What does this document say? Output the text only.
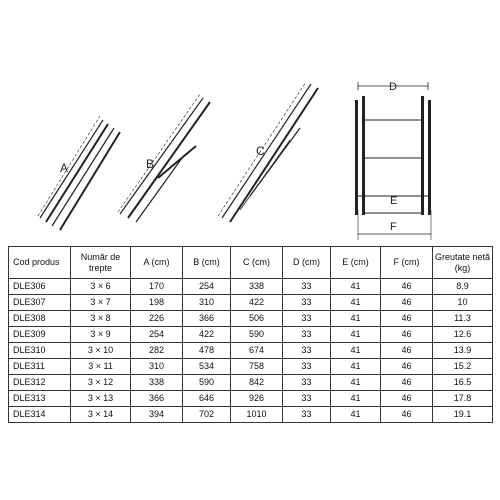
A	B
C
D
E
F
Cod produs	Număr de trepte	A (cm)	B (cm)	C (cm)	D (cm)	E (cm)	F (cm)	Greutate netă (kg)
DLE306	3 × 6	170	254	338	33	41	46	8.9
DLE307	3 × 7	198	310	422	33	41	46	10
DLE308	3 × 8	226	366	506	33	41	46	11.3
DLE309	3 × 9	254	422	590	33	41	46	12.6
DLE310	3 × 10	282	478	674	33	41	46	13.9
DLE311	3 × 11	310	534	758	33	41	46	15.2
DLE312	3 × 12	338	590	842	33	41	46	16.5
DLE313	3 × 13	366	646	926	33	41	46	17.8
DLE314	3 × 14	394	702	1010	33	41	46	19.1
